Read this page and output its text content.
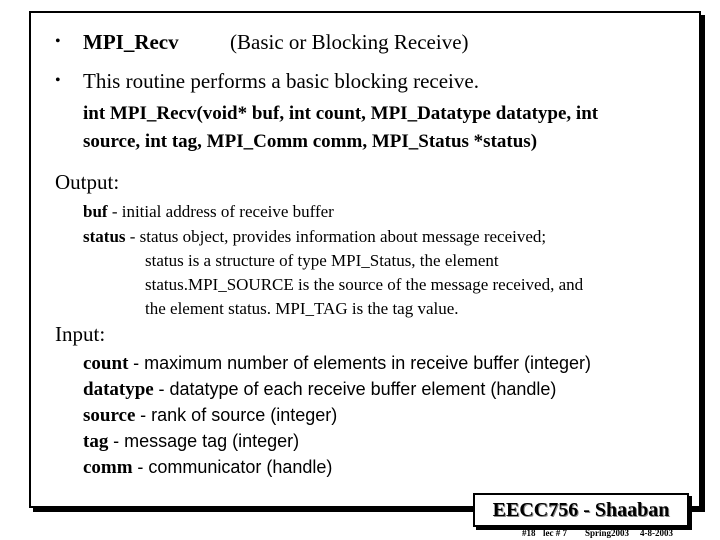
• MPI_Recv (Basic or Blocking Receive)
• This routine performs a basic blocking receive.
int MPI_Recv(void* buf, int count, MPI_Datatype datatype, int
source, int tag, MPI_Comm comm, MPI_Status *status)
Output:
buf - initial address of receive buffer
status - status object, provides information about message received;
status is a structure of type MPI_Status, the element
status.MPI_SOURCE is the source of the message received, and
the element status. MPI_TAG is the tag value.
Input:
count - maximum number of elements in receive buffer (integer)
datatype - datatype of each receive buffer element (handle)
source - rank of source (integer)
tag - message tag (integer)
comm - communicator (handle)
EECC756 - Shaaban
#18 lec # 7 Spring2003 4-8-2003
